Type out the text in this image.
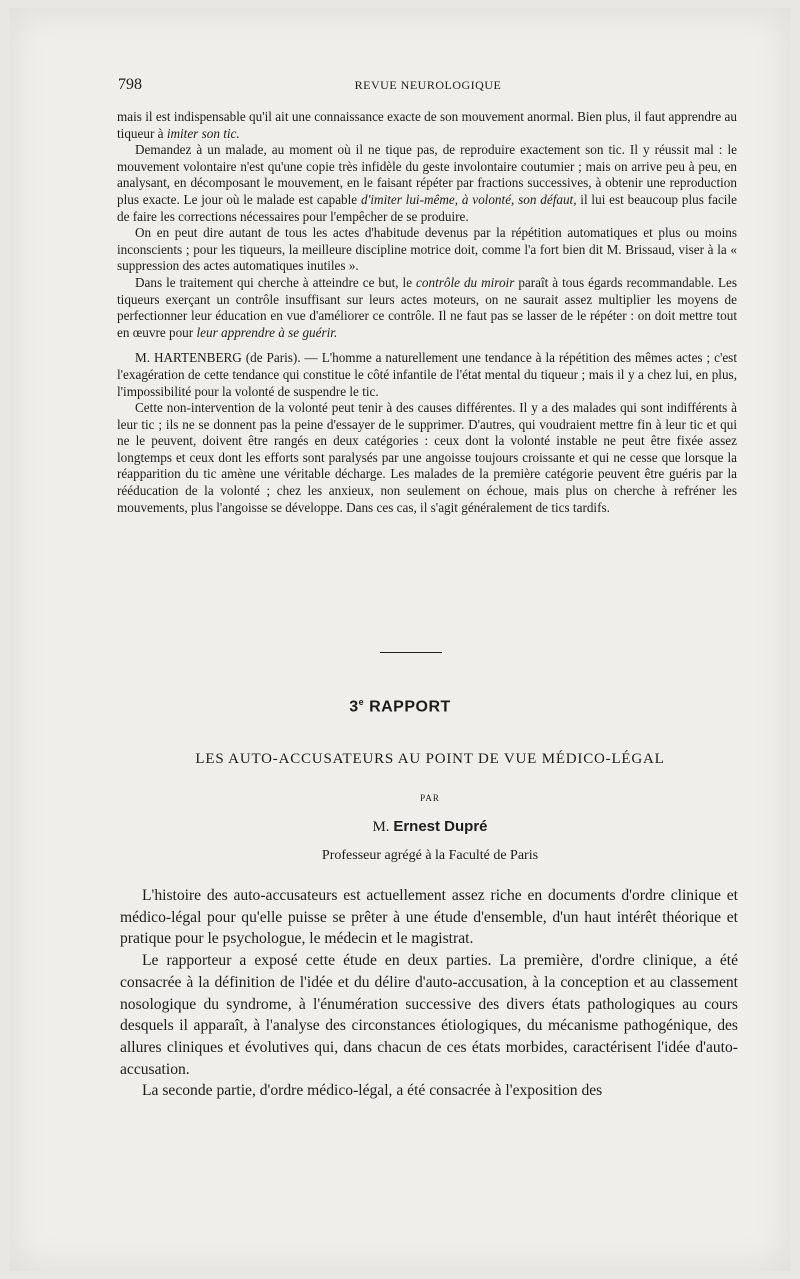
798	REVUE NEUROLOGIQUE

mais il est indispensable qu'il ait une connaissance exacte de son mouvement anormal. Bien plus, il faut apprendre au tiqueur à imiter son tic.

Demandez à un malade, au moment où il ne tique pas, de reproduire exactement son tic. Il y réussit mal : le mouvement volontaire n'est qu'une copie très infidèle du geste involontaire coutumier ; mais on arrive peu à peu, en analysant, en décomposant le mouvement, en le faisant répéter par fractions successives, à obtenir une reproduction plus exacte. Le jour où le malade est capable d'imiter lui-même, à volonté, son défaut, il lui est beaucoup plus facile de faire les corrections nécessaires pour l'empêcher de se produire.

On en peut dire autant de tous les actes d'habitude devenus par la répétition automatiques et plus ou moins inconscients ; pour les tiqueurs, la meilleure discipline motrice doit, comme l'a fort bien dit M. Brissaud, viser à la « suppression des actes automatiques inutiles ».

Dans le traitement qui cherche à atteindre ce but, le contrôle du miroir paraît à tous égards recommandable. Les tiqueurs exerçant un contrôle insuffisant sur leurs actes moteurs, on ne saurait assez multiplier les moyens de perfectionner leur éducation en vue d'améliorer ce contrôle. Il ne faut pas se lasser de le répéter : on doit mettre tout en œuvre pour leur apprendre à se guérir.

M. HARTENBERG (de Paris). — L'homme a naturellement une tendance à la répétition des mêmes actes ; c'est l'exagération de cette tendance qui constitue le côté infantile de l'état mental du tiqueur ; mais il y a chez lui, en plus, l'impossibilité pour la volonté de suspendre le tic.

Cette non-intervention de la volonté peut tenir à des causes différentes. Il y a des malades qui sont indifférents à leur tic ; ils ne se donnent pas la peine d'essayer de le supprimer. D'autres, qui voudraient mettre fin à leur tic et qui ne le peuvent, doivent être rangés en deux catégories : ceux dont la volonté instable ne peut être fixée assez longtemps et ceux dont les efforts sont paralysés par une angoisse toujours croissante et qui ne cesse que lorsque la réapparition du tic amène une véritable décharge. Les malades de la première catégorie peuvent être guéris par la rééducation de la volonté ; chez les anxieux, non seulement on échoue, mais plus on cherche à refréner les mouvements, plus l'angoisse se développe. Dans ces cas, il s'agit généralement de tics tardifs.

3e RAPPORT
LES AUTO-ACCUSATEURS AU POINT DE VUE MÉDICO-LÉGAL
PAR
M. Ernest Dupré
Professeur agrégé à la Faculté de Paris

L'histoire des auto-accusateurs est actuellement assez riche en documents d'ordre clinique et médico-légal pour qu'elle puisse se prêter à une étude d'ensemble, d'un haut intérêt théorique et pratique pour le psychologue, le médecin et le magistrat.

Le rapporteur a exposé cette étude en deux parties. La première, d'ordre clinique, a été consacrée à la définition de l'idée et du délire d'auto-accusation, à la conception et au classement nosologique du syndrome, à l'énumération successive des divers états pathologiques au cours desquels il apparaît, à l'analyse des circonstances étiologiques, du mécanisme pathogénique, des allures cliniques et évolutives qui, dans chacun de ces états morbides, caractérisent l'idée d'auto-accusation.

La seconde partie, d'ordre médico-légal, a été consacrée à l'exposition des
